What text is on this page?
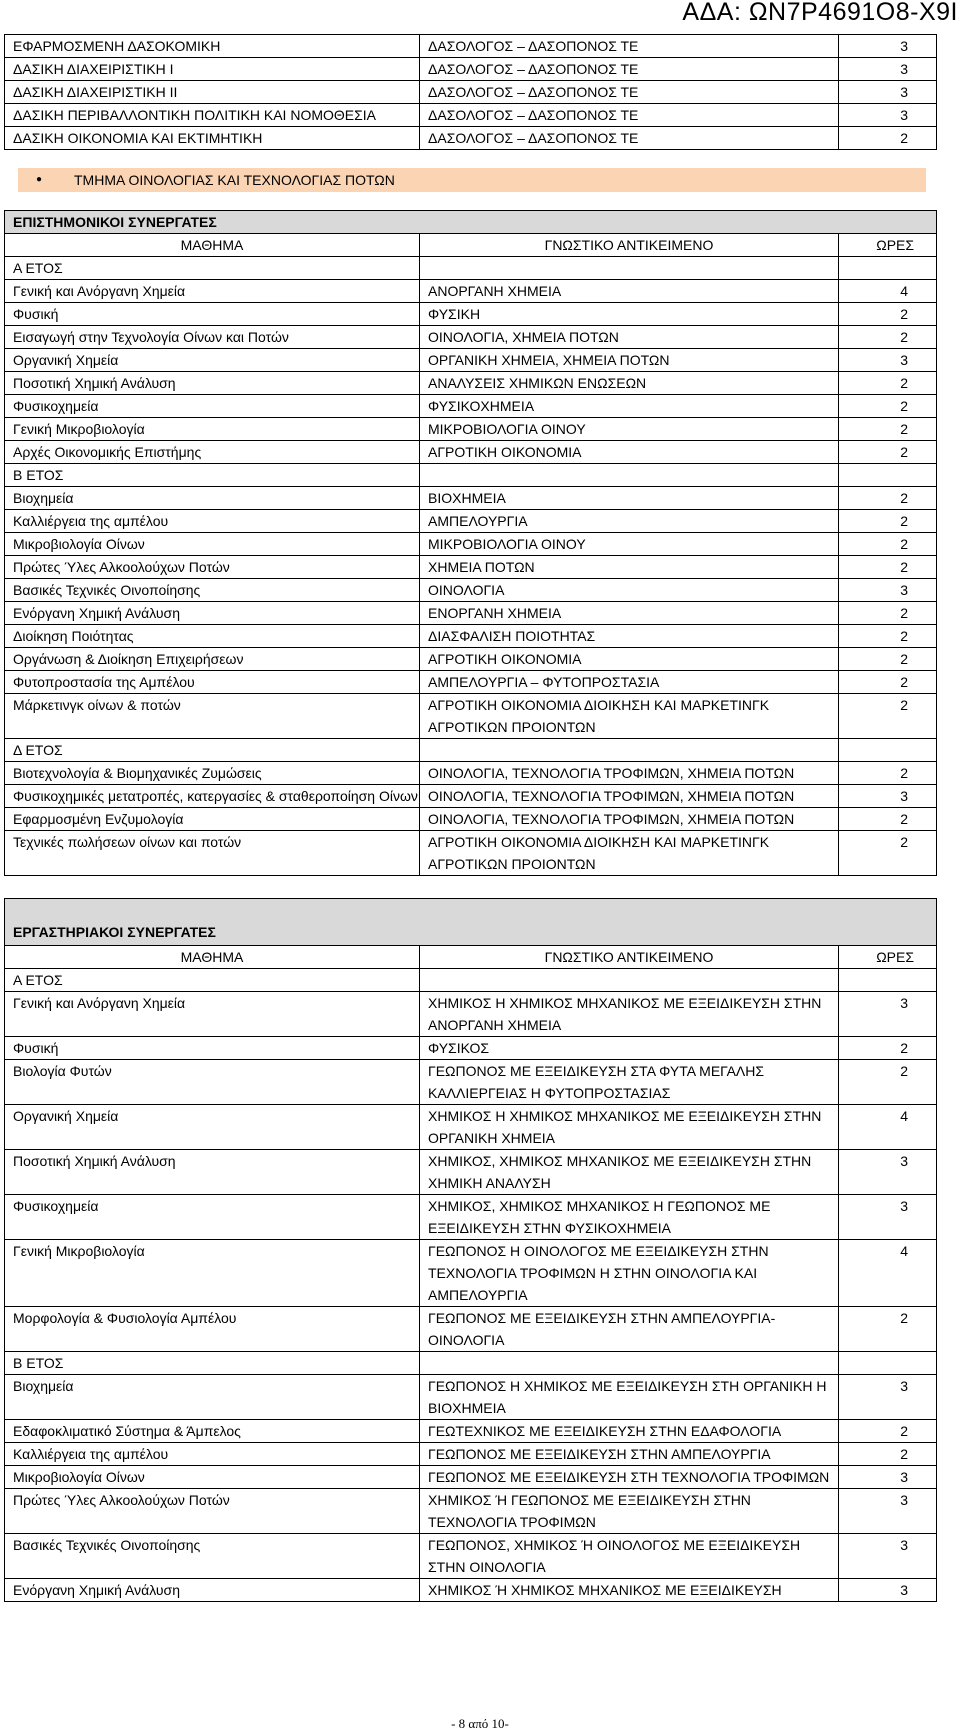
ΑΔΑ: ΩΝ7Ρ4691Ο8-Χ9Ι
ΕΦΑΡΜΟΣΜΕΝΗ ΔΑΣΟΚΟΜΙΚΗ	ΔΑΣΟΛΟΓΟΣ – ΔΑΣΟΠΟΝΟΣ ΤΕ	3
ΔΑΣΙΚΗ ΔΙΑΧΕΙΡΙΣΤΙΚΗ Ι	ΔΑΣΟΛΟΓΟΣ – ΔΑΣΟΠΟΝΟΣ ΤΕ	3
ΔΑΣΙΚΗ ΔΙΑΧΕΙΡΙΣΤΙΚΗ ΙΙ	ΔΑΣΟΛΟΓΟΣ – ΔΑΣΟΠΟΝΟΣ ΤΕ	3
ΔΑΣΙΚΗ ΠΕΡΙΒΑΛΛΟΝΤΙΚΗ ΠΟΛΙΤΙΚΗ ΚΑΙ ΝΟΜΟΘΕΣΙΑ	ΔΑΣΟΛΟΓΟΣ – ΔΑΣΟΠΟΝΟΣ ΤΕ	3
ΔΑΣΙΚΗ ΟΙΚΟΝΟΜΙΑ ΚΑΙ ΕΚΤΙΜΗΤΙΚΗ	ΔΑΣΟΛΟΓΟΣ – ΔΑΣΟΠΟΝΟΣ ΤΕ	2
● ΤΜΗΜΑ ΟΙΝΟΛΟΓΙΑΣ ΚΑΙ ΤΕΧΝΟΛΟΓΙΑΣ ΠΟΤΩΝ
ΕΠΙΣΤΗΜΟΝΙΚΟΙ ΣΥΝΕΡΓΑΤΕΣ		
ΜΑΘΗΜΑ	ΓΝΩΣΤΙΚΟ ΑΝΤΙΚΕΙΜΕΝΟ	ΩΡΕΣ
Α ΕΤΟΣ		
Γενική και Ανόργανη Χημεία	ΑΝΟΡΓΑΝΗ ΧΗΜΕΙΑ	4
Φυσική	ΦΥΣΙΚΗ	2
Εισαγωγή στην Τεχνολογία Οίνων και Ποτών	ΟΙΝΟΛΟΓΙΑ, ΧΗΜΕΙΑ ΠΟΤΩΝ	2
Οργανική Χημεία	ΟΡΓΑΝΙΚΗ ΧΗΜΕΙΑ, ΧΗΜΕΙΑ ΠΟΤΩΝ	3
Ποσοτική Χημική Ανάλυση	ΑΝΑΛΥΣΕΙΣ ΧΗΜΙΚΩΝ ΕΝΩΣΕΩΝ	2
Φυσικοχημεία	ΦΥΣΙΚΟΧΗΜΕΙΑ	2
Γενική Μικροβιολογία	ΜΙΚΡΟΒΙΟΛΟΓΙΑ ΟΙΝΟΥ	2
Αρχές Οικονομικής Επιστήμης	ΑΓΡΟΤΙΚΗ ΟΙΚΟΝΟΜΙΑ	2
Β ΕΤΟΣ		
Βιοχημεία	ΒΙΟΧΗΜΕΙΑ	2
Καλλιέργεια της αμπέλου	ΑΜΠΕΛΟΥΡΓΙΑ	2
Μικροβιολογία Οίνων	ΜΙΚΡΟΒΙΟΛΟΓΙΑ ΟΙΝΟΥ	2
Πρώτες Ύλες Αλκοολούχων Ποτών	ΧΗΜΕΙΑ ΠΟΤΩΝ	2
Βασικές Τεχνικές Οινοποίησης	ΟΙΝΟΛΟΓΙΑ	3
Ενόργανη Χημική Ανάλυση	ΕΝΟΡΓΑΝΗ ΧΗΜΕΙΑ	2
Διοίκηση Ποιότητας	ΔΙΑΣΦΑΛΙΣΗ ΠΟΙΟΤΗΤΑΣ	2
Οργάνωση & Διοίκηση Επιχειρήσεων	ΑΓΡΟΤΙΚΗ ΟΙΚΟΝΟΜΙΑ	2
Φυτοπροστασία της Αμπέλου	ΑΜΠΕΛΟΥΡΓΙΑ – ΦΥΤΟΠΡΟΣΤΑΣΙΑ	2
Μάρκετινγκ οίνων & ποτών	ΑΓΡΟΤΙΚΗ ΟΙΚΟΝΟΜΙΑ ΔΙΟΙΚΗΣΗ ΚΑΙ ΜΑΡΚΕΤΙΝΓΚ ΑΓΡΟΤΙΚΩΝ ΠΡΟΙΟΝΤΩΝ	2
Δ ΕΤΟΣ		
Βιοτεχνολογία & Βιομηχανικές Ζυμώσεις	ΟΙΝΟΛΟΓΙΑ, ΤΕΧΝΟΛΟΓΙΑ ΤΡΟΦΙΜΩΝ, ΧΗΜΕΙΑ ΠΟΤΩΝ	2
Φυσικοχημικές μετατροπές, κατεργασίες & σταθεροποίηση Οίνων	ΟΙΝΟΛΟΓΙΑ, ΤΕΧΝΟΛΟΓΙΑ ΤΡΟΦΙΜΩΝ, ΧΗΜΕΙΑ ΠΟΤΩΝ	3
Εφαρμοσμένη Ενζυμολογία	ΟΙΝΟΛΟΓΙΑ, ΤΕΧΝΟΛΟΓΙΑ ΤΡΟΦΙΜΩΝ, ΧΗΜΕΙΑ ΠΟΤΩΝ	2
Τεχνικές πωλήσεων οίνων και ποτών	ΑΓΡΟΤΙΚΗ ΟΙΚΟΝΟΜΙΑ ΔΙΟΙΚΗΣΗ ΚΑΙ ΜΑΡΚΕΤΙΝΓΚ ΑΓΡΟΤΙΚΩΝ ΠΡΟΙΟΝΤΩΝ	2
ΕΡΓΑΣΤΗΡΙΑΚΟΙ ΣΥΝΕΡΓΑΤΕΣ		
ΜΑΘΗΜΑ	ΓΝΩΣΤΙΚΟ ΑΝΤΙΚΕΙΜΕΝΟ	ΩΡΕΣ
Α ΕΤΟΣ		
Γενική και Ανόργανη Χημεία	ΧΗΜΙΚΟΣ Η ΧΗΜΙΚΟΣ ΜΗΧΑΝΙΚΟΣ ΜΕ ΕΞΕΙΔΙΚΕΥΣΗ ΣΤΗΝ ΑΝΟΡΓΑΝΗ ΧΗΜΕΙΑ	3
Φυσική	ΦΥΣΙΚΟΣ	2
Βιολογία Φυτών	ΓΕΩΠΟΝΟΣ ΜΕ ΕΞΕΙΔΙΚΕΥΣΗ ΣΤΑ ΦΥΤΑ ΜΕΓΑΛΗΣ ΚΑΛΛΙΕΡΓΕΙΑΣ Η ΦΥΤΟΠΡΟΣΤΑΣΙΑΣ	2
Οργανική Χημεία	ΧΗΜΙΚΟΣ Η ΧΗΜΙΚΟΣ ΜΗΧΑΝΙΚΟΣ ΜΕ ΕΞΕΙΔΙΚΕΥΣΗ ΣΤΗΝ ΟΡΓΑΝΙΚΗ ΧΗΜΕΙΑ	4
Ποσοτική Χημική Ανάλυση	ΧΗΜΙΚΟΣ, ΧΗΜΙΚΟΣ ΜΗΧΑΝΙΚΟΣ ΜΕ ΕΞΕΙΔΙΚΕΥΣΗ ΣΤΗΝ ΧΗΜΙΚΗ ΑΝΑΛΥΣΗ	3
Φυσικοχημεία	ΧΗΜΙΚΟΣ, ΧΗΜΙΚΟΣ ΜΗΧΑΝΙΚΟΣ Η ΓΕΩΠΟΝΟΣ ΜΕ ΕΞΕΙΔΙΚΕΥΣΗ ΣΤΗΝ ΦΥΣΙΚΟΧΗΜΕΙΑ	3
Γενική Μικροβιολογία	ΓΕΩΠΟΝΟΣ Η ΟΙΝΟΛΟΓΟΣ ΜΕ ΕΞΕΙΔΙΚΕΥΣΗ ΣΤΗΝ ΤΕΧΝΟΛΟΓΙΑ ΤΡΟΦΙΜΩΝ Η ΣΤΗΝ ΟΙΝΟΛΟΓΙΑ ΚΑΙ ΑΜΠΕΛΟΥΡΓΙΑ	4
Μορφολογία & Φυσιολογία Αμπέλου	ΓΕΩΠΟΝΟΣ ΜΕ ΕΞΕΙΔΙΚΕΥΣΗ ΣΤΗΝ ΑΜΠΕΛΟΥΡΓΙΑ-ΟΙΝΟΛΟΓΙΑ	2
Β ΕΤΟΣ		
Βιοχημεία	ΓΕΩΠΟΝΟΣ Η ΧΗΜΙΚΟΣ ΜΕ ΕΞΕΙΔΙΚΕΥΣΗ ΣΤΗ ΟΡΓΑΝΙΚΗ Η ΒΙΟΧΗΜΕΙΑ	3
Εδαφοκλιματικό Σύστημα & Άμπελος	ΓΕΩΤΕΧΝΙΚΟΣ ΜΕ ΕΞΕΙΔΙΚΕΥΣΗ ΣΤΗΝ ΕΔΑΦΟΛΟΓΙΑ	2
Καλλιέργεια της αμπέλου	ΓΕΩΠΟΝΟΣ ΜΕ ΕΞΕΙΔΙΚΕΥΣΗ ΣΤΗΝ ΑΜΠΕΛΟΥΡΓΙΑ	2
Μικροβιολογία Οίνων	ΓΕΩΠΟΝΟΣ ΜΕ ΕΞΕΙΔΙΚΕΥΣΗ ΣΤΗ ΤΕΧΝΟΛΟΓΙΑ ΤΡΟΦΙΜΩΝ	3
Πρώτες Ύλες Αλκοολούχων Ποτών	ΧΗΜΙΚΟΣ Ή ΓΕΩΠΟΝΟΣ ΜΕ ΕΞΕΙΔΙΚΕΥΣΗ ΣΤΗΝ ΤΕΧΝΟΛΟΓΙΑ ΤΡΟΦΙΜΩΝ	3
Βασικές Τεχνικές Οινοποίησης	ΓΕΩΠΟΝΟΣ, ΧΗΜΙΚΟΣ Ή ΟΙΝΟΛΟΓΟΣ ΜΕ ΕΞΕΙΔΙΚΕΥΣΗ ΣΤΗΝ ΟΙΝΟΛΟΓΙΑ	3
Ενόργανη Χημική Ανάλυση	ΧΗΜΙΚΟΣ Ή ΧΗΜΙΚΟΣ ΜΗΧΑΝΙΚΟΣ ΜΕ ΕΞΕΙΔΙΚΕΥΣΗ	3
- 8 από 10-
